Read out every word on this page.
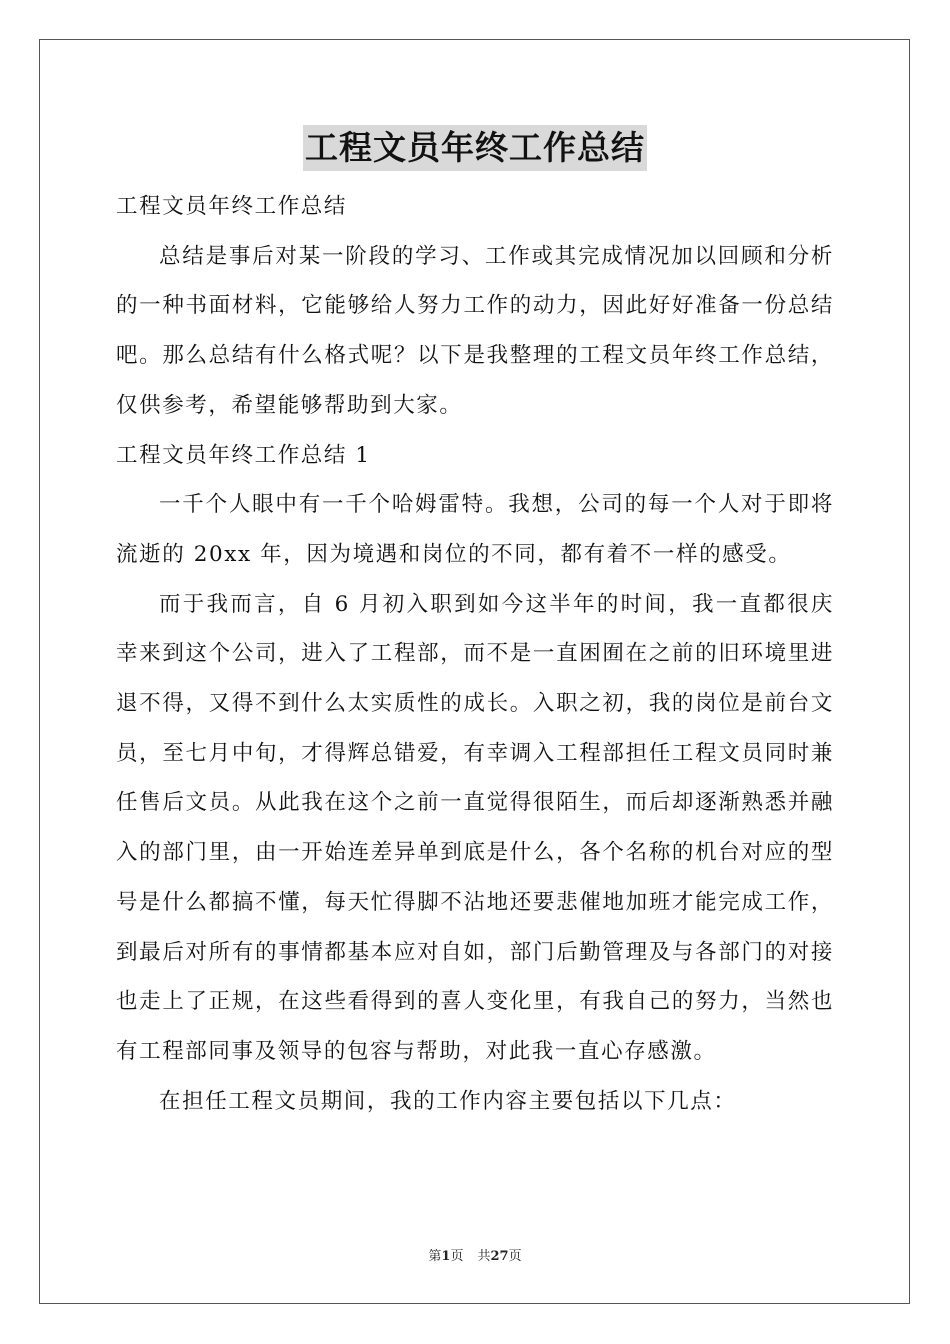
工程文员年终工作总结

工程文员年终工作总结

总结是事后对某一阶段的学习、工作或其完成情况加以回顾和分析的一种书面材料，它能够给人努力工作的动力，因此好好准备一份总结吧。那么总结有什么格式呢？以下是我整理的工程文员年终工作总结，仅供参考，希望能够帮助到大家。

工程文员年终工作总结 1

一千个人眼中有一千个哈姆雷特。我想，公司的每一个人对于即将流逝的 20xx 年，因为境遇和岗位的不同，都有着不一样的感受。

而于我而言，自 6 月初入职到如今这半年的时间，我一直都很庆幸来到这个公司，进入了工程部，而不是一直困囿在之前的旧环境里进退不得，又得不到什么太实质性的成长。入职之初，我的岗位是前台文员，至七月中旬，才得辉总错爱，有幸调入工程部担任工程文员同时兼任售后文员。从此我在这个之前一直觉得很陌生，而后却逐渐熟悉并融入的部门里，由一开始连差异单到底是什么，各个名称的机台对应的型号是什么都搞不懂，每天忙得脚不沾地还要悲催地加班才能完成工作，到最后对所有的事情都基本应对自如，部门后勤管理及与各部门的对接也走上了正规，在这些看得到的喜人变化里，有我自己的努力，当然也有工程部同事及领导的包容与帮助，对此我一直心存感激。

在担任工程文员期间，我的工作内容主要包括以下几点：

第1页 共27页
